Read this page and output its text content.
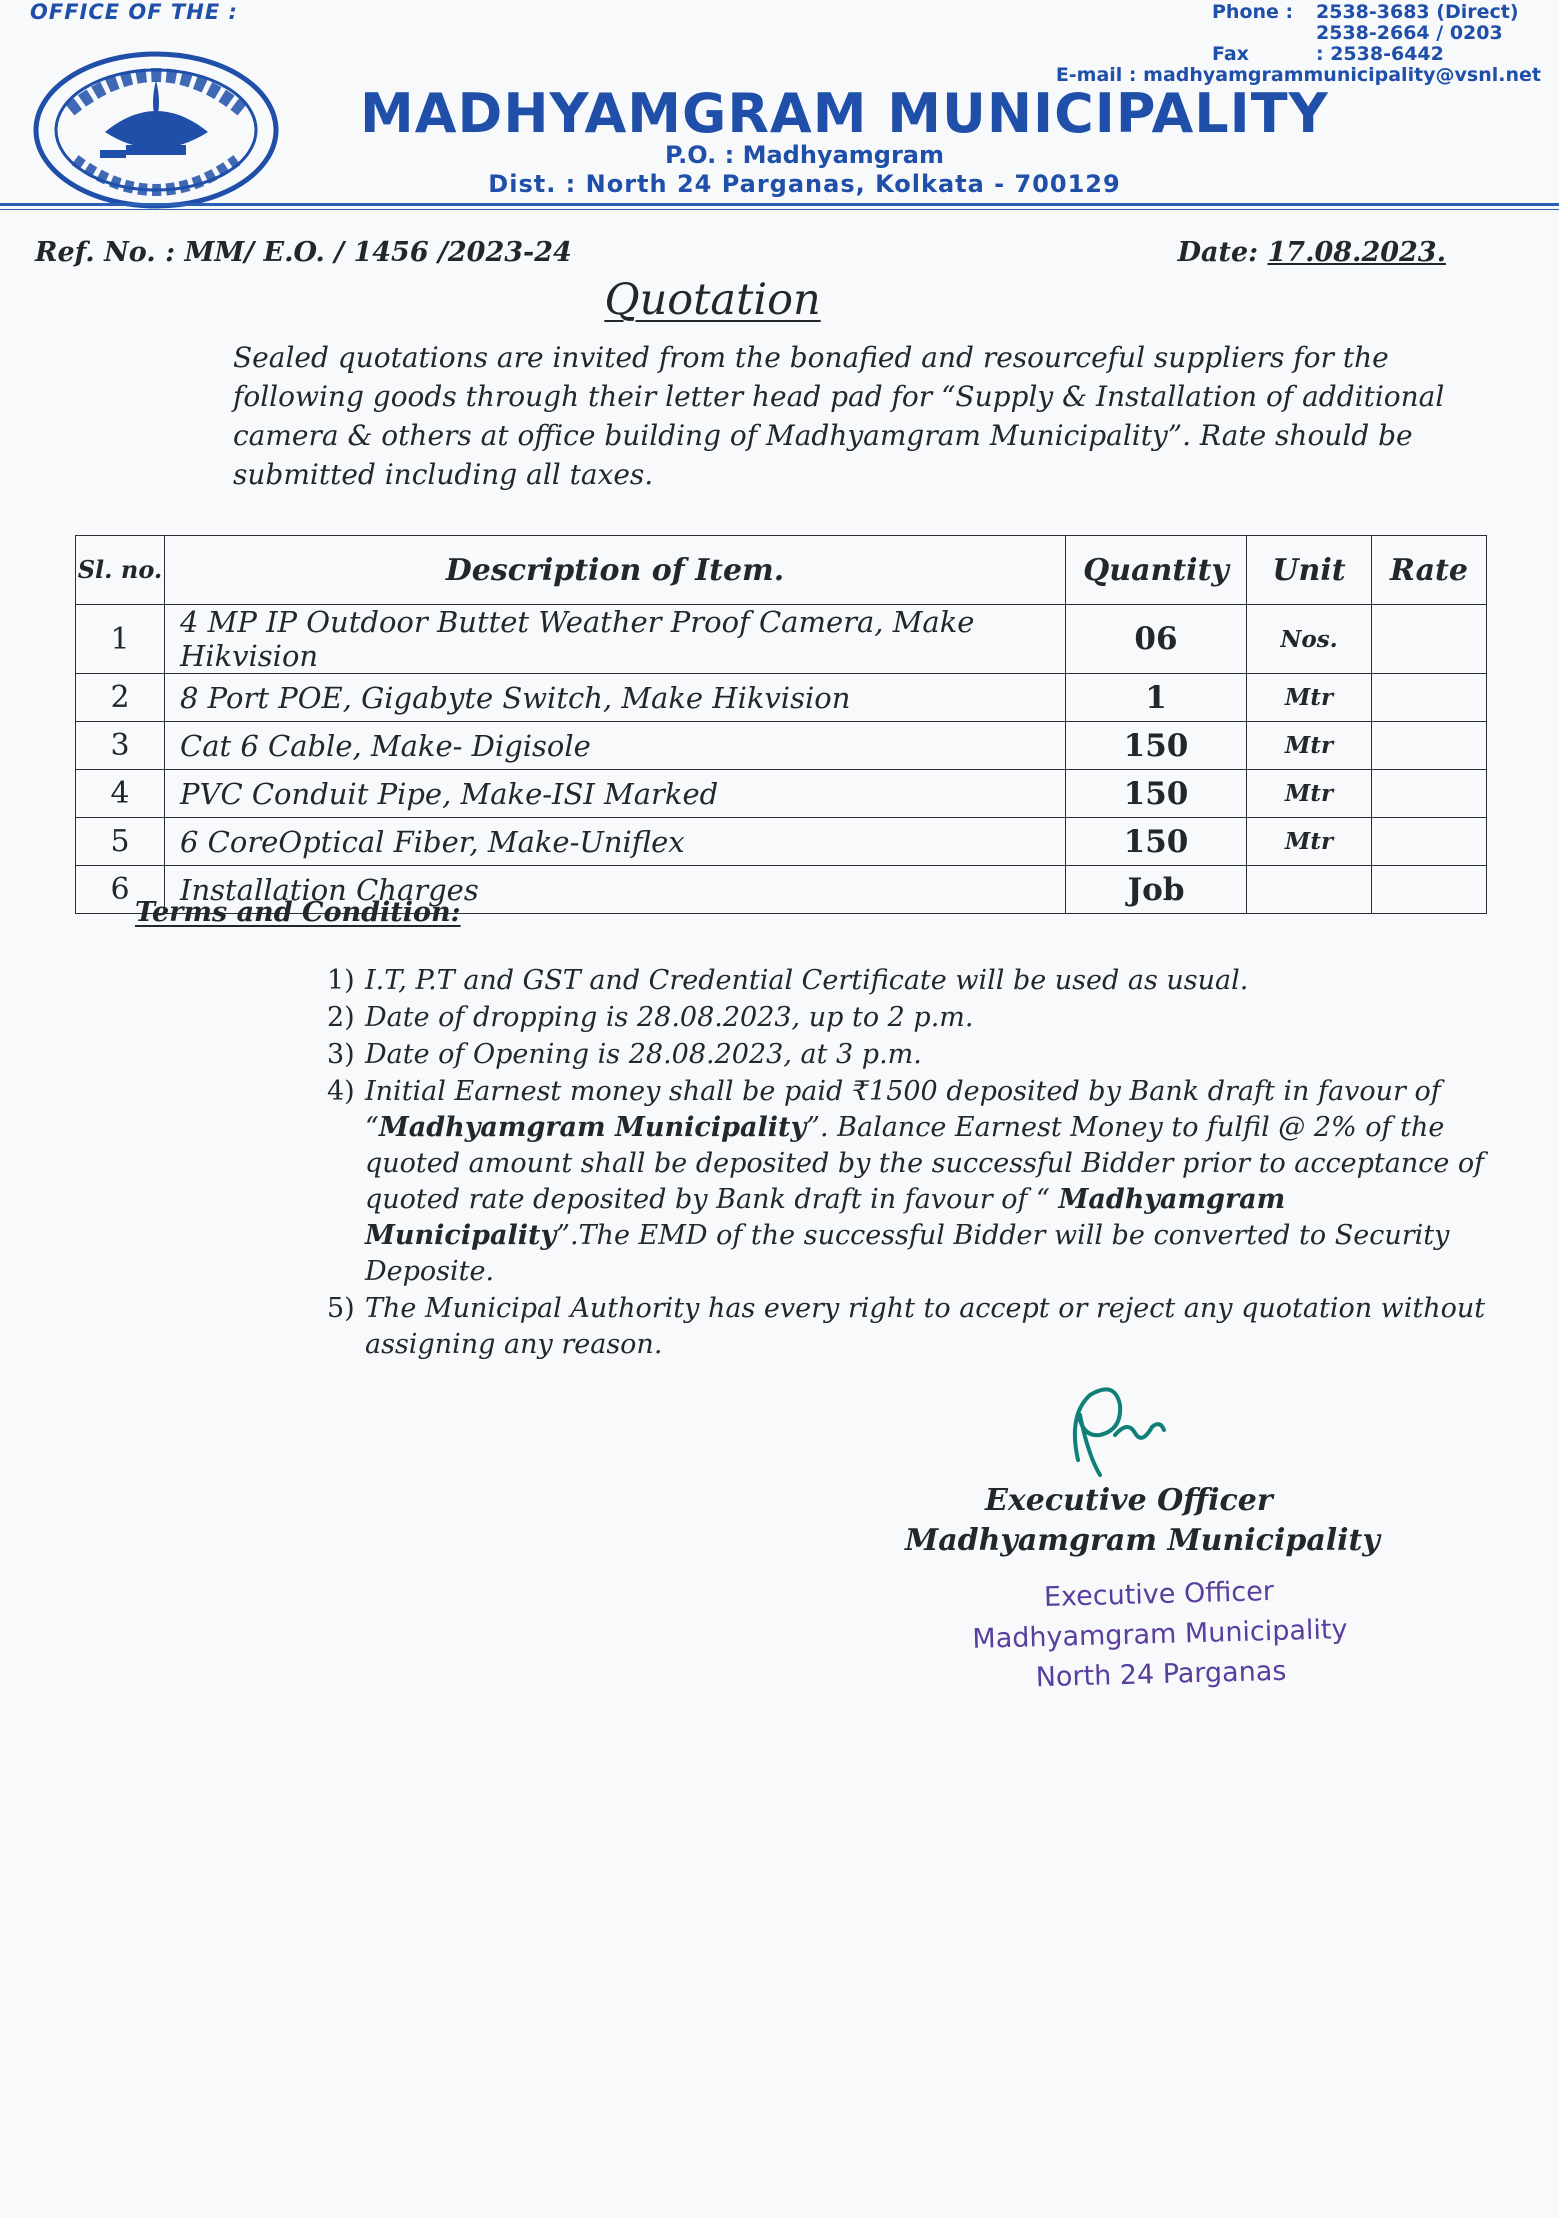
OFFICE OF THE :	Phone :	2538-3683 (Direct)
2538-2664 / 0203
Fax	: 2538-6442
E-mail : madhyamgrammunicipality@vsnl.net
MADHYAMGRAM MUNICIPALITY
P.O. : Madhyamgram
Dist. : North 24 Parganas, Kolkata - 700129
Ref. No. : MM/ E.O. / 1456 /2023-24	Date: 17.08.2023.
Quotation
Sealed quotations are invited from the bonafied and resourceful suppliers for the following goods through their letter head pad for “Supply & Installation of additional camera & others at office building of Madhyamgram Municipality”. Rate should be submitted including all taxes.
Sl. no.	Description of Item.	Quantity	Unit	Rate
1	4 MP IP Outdoor Buttet Weather Proof Camera, Make Hikvision	06	Nos.	
2	8 Port POE, Gigabyte Switch, Make Hikvision	1	Mtr	
3	Cat 6 Cable, Make- Digisole	150	Mtr	
4	PVC Conduit Pipe, Make-ISI Marked	150	Mtr	
5	6 CoreOptical Fiber, Make-Uniflex	150	Mtr	
6	Installation Charges	Job		
Terms and Condition:
1) I.T, P.T and GST and Credential Certificate will be used as usual.
2) Date of dropping is 28.08.2023, up to 2 p.m.
3) Date of Opening is 28.08.2023, at 3 p.m.
4) Initial Earnest money shall be paid ₹1500 deposited by Bank draft in favour of “Madhyamgram Municipality”. Balance Earnest Money to fulfil @ 2% of the quoted amount shall be deposited by the successful Bidder prior to acceptance of quoted rate deposited by Bank draft in favour of “ Madhyamgram Municipality”.The EMD of the successful Bidder will be converted to Security Deposite.
5) The Municipal Authority has every right to accept or reject any quotation without assigning any reason.
Executive Officer
Madhyamgram Municipality
Executive Officer
Madhyamgram Municipality
North 24 Parganas
